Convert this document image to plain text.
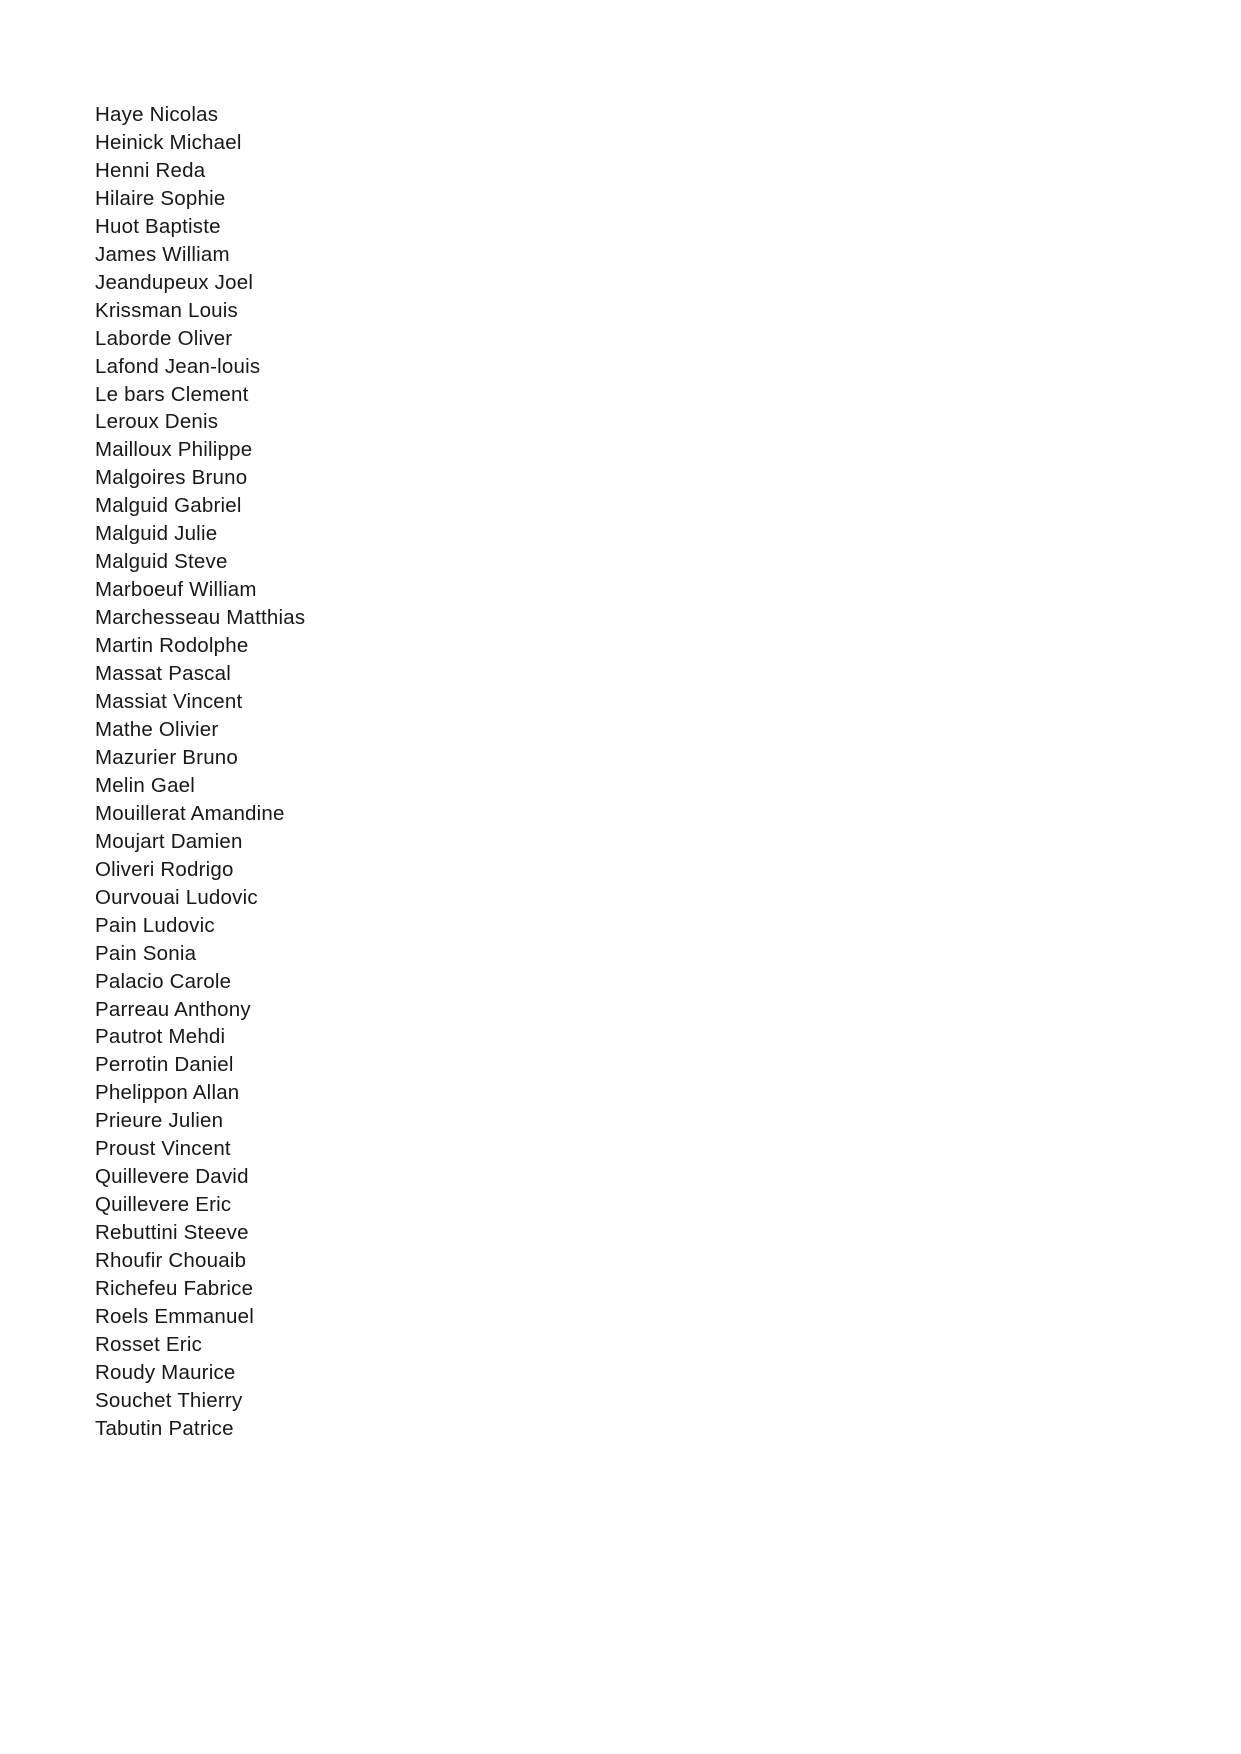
Haye Nicolas
Heinick Michael
Henni Reda
Hilaire Sophie
Huot Baptiste
James William
Jeandupeux Joel
Krissman Louis
Laborde Oliver
Lafond Jean-louis
Le bars Clement
Leroux Denis
Mailloux Philippe
Malgoires Bruno
Malguid Gabriel
Malguid Julie
Malguid Steve
Marboeuf William
Marchesseau Matthias
Martin Rodolphe
Massat Pascal
Massiat Vincent
Mathe Olivier
Mazurier Bruno
Melin Gael
Mouillerat Amandine
Moujart Damien
Oliveri Rodrigo
Ourvouai Ludovic
Pain Ludovic
Pain Sonia
Palacio Carole
Parreau Anthony
Pautrot Mehdi
Perrotin Daniel
Phelippon Allan
Prieure Julien
Proust Vincent
Quillevere David
Quillevere Eric
Rebuttini Steeve
Rhoufir Chouaib
Richefeu Fabrice
Roels Emmanuel
Rosset Eric
Roudy Maurice
Souchet Thierry
Tabutin Patrice
